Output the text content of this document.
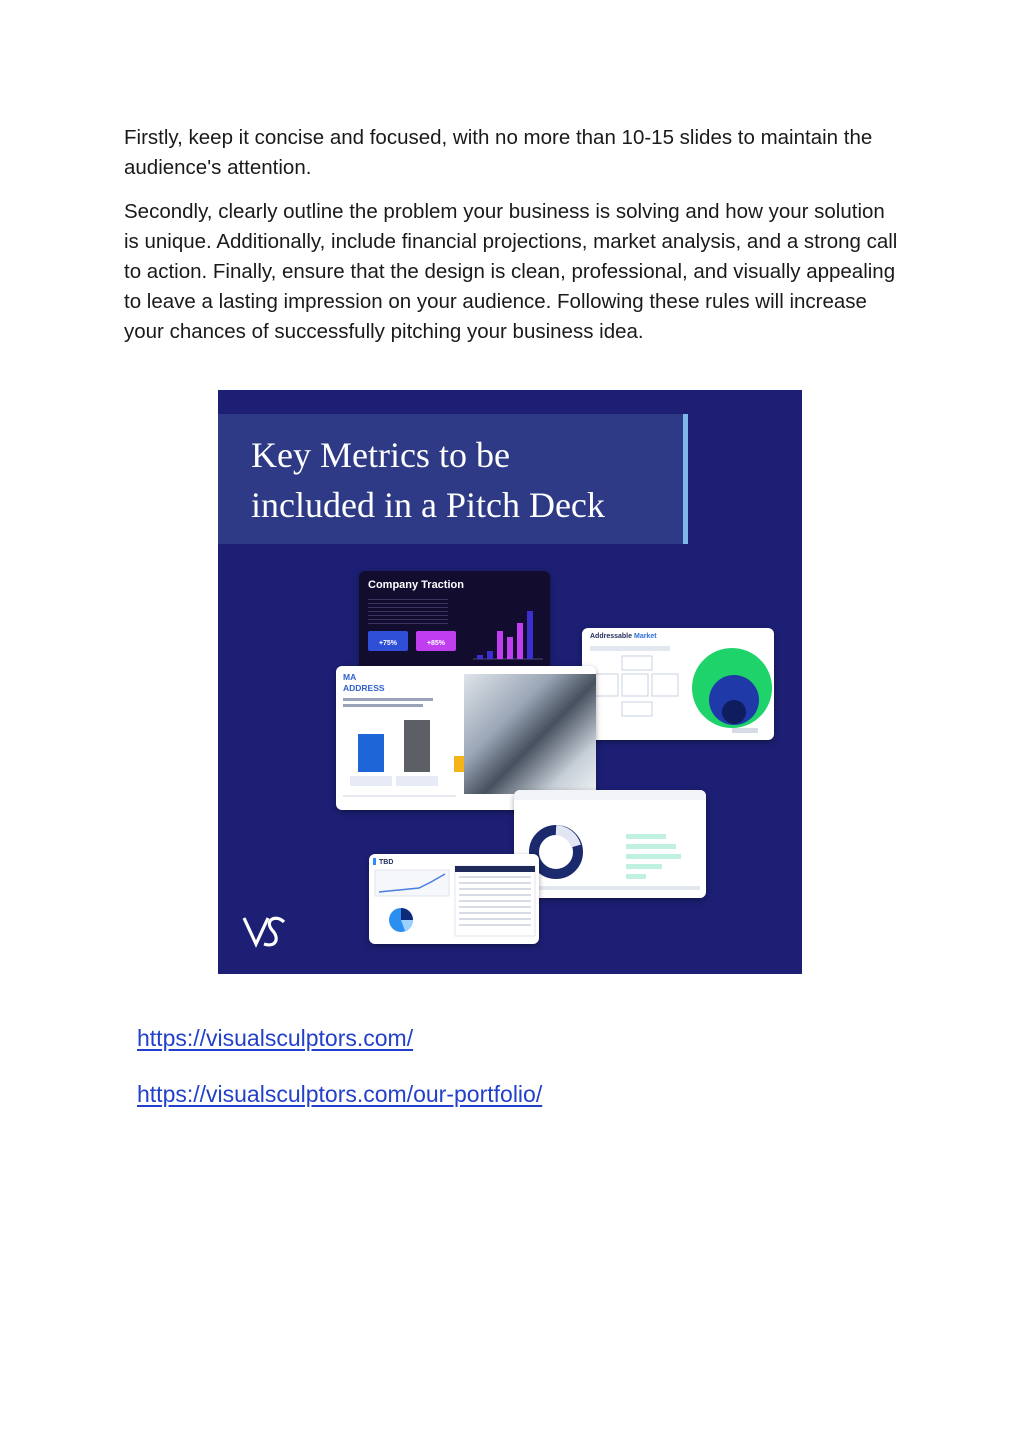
Firstly, keep it concise and focused, with no more than 10-15 slides to maintain the audience's attention.

Secondly, clearly outline the problem your business is solving and how your solution is unique. Additionally, include financial projections, market analysis, and a strong call to action. Finally, ensure that the design is clean, professional, and visually appealing to leave a lasting impression on your audience. Following these rules will increase your chances of successfully pitching your business idea.

Key Metrics to be
included in a Pitch Deck
Company Traction
+75%	+85%
Addressable Market
MA
ADDRESS
TBD
https://visualsculptors.com/
https://visualsculptors.com/our-portfolio/
